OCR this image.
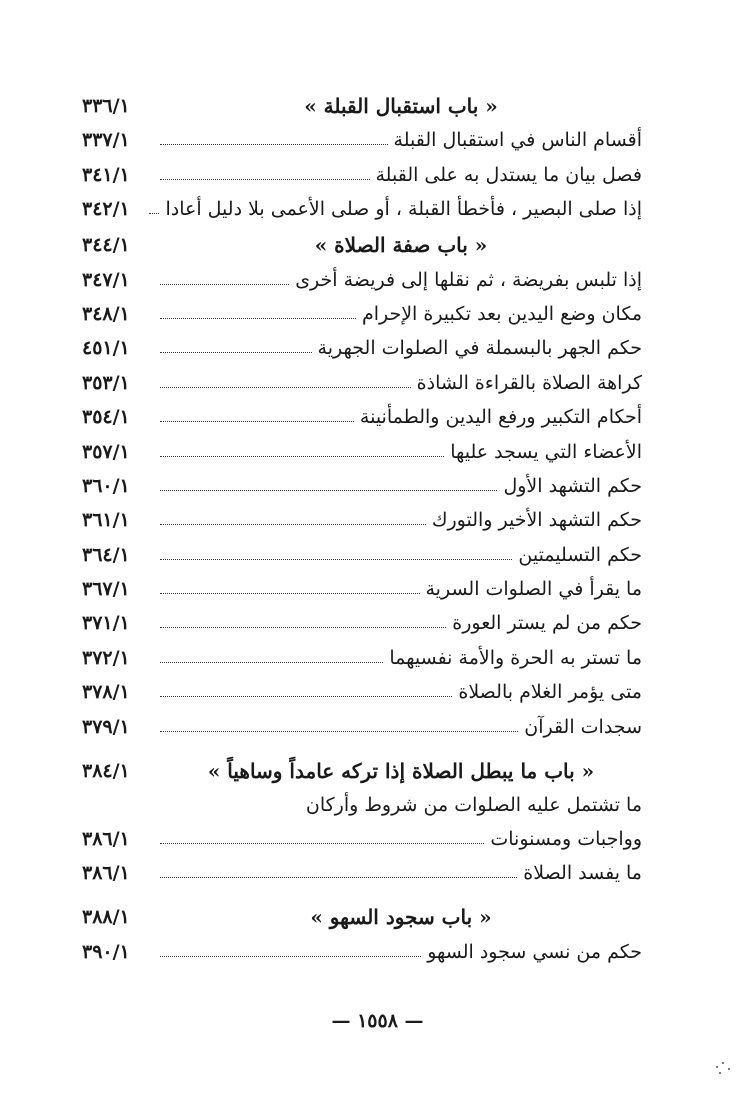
« باب استقبال القبلة »
٣٣٦/١
أقسام الناس في استقبال القبلة
٣٣٧/١
فصل بيان ما يستدل به على القبلة
٣٤١/١
إذا صلى البصير ، فأخطأ القبلة ، أو صلى الأعمى بلا دليل أعادا
٣٤٢/١
« باب صفة الصلاة »
٣٤٤/١
إذا تلبس بفريضة ، ثم نقلها إلى فريضة أخرى
٣٤٧/١
مكان وضع اليدين بعد تكبيرة الإحرام
٣٤٨/١
حكم الجهر بالبسملة في الصلوات الجهرية
٤٥١/١
كراهة الصلاة بالقراءة الشاذة
٣٥٣/١
أحكام التكبير ورفع اليدين والطمأنينة
٣٥٤/١
الأعضاء التي يسجد عليها
٣٥٧/١
حكم التشهد الأول
٣٦٠/١
حكم التشهد الأخير والتورك
٣٦١/١
حكم التسليمتين
٣٦٤/١
ما يقرأ في الصلوات السرية
٣٦٧/١
حكم من لم يستر العورة
٣٧١/١
ما تستر به الحرة والأمة نفسيهما
٣٧٢/١
متى يؤمر الغلام بالصلاة
٣٧٨/١
سجدات القرآن
٣٧٩/١
« باب ما يبطل الصلاة إذا تركه عامداً وساهياً »
٣٨٤/١
ما تشتمل عليه الصلوات من شروط وأركان
وواجبات ومسنونات
٣٨٦/١
ما يفسد الصلاة
٣٨٦/١
« باب سجود السهو »
٣٨٨/١
حكم من نسي سجود السهو
٣٩٠/١
— ١٥٥٨ —
